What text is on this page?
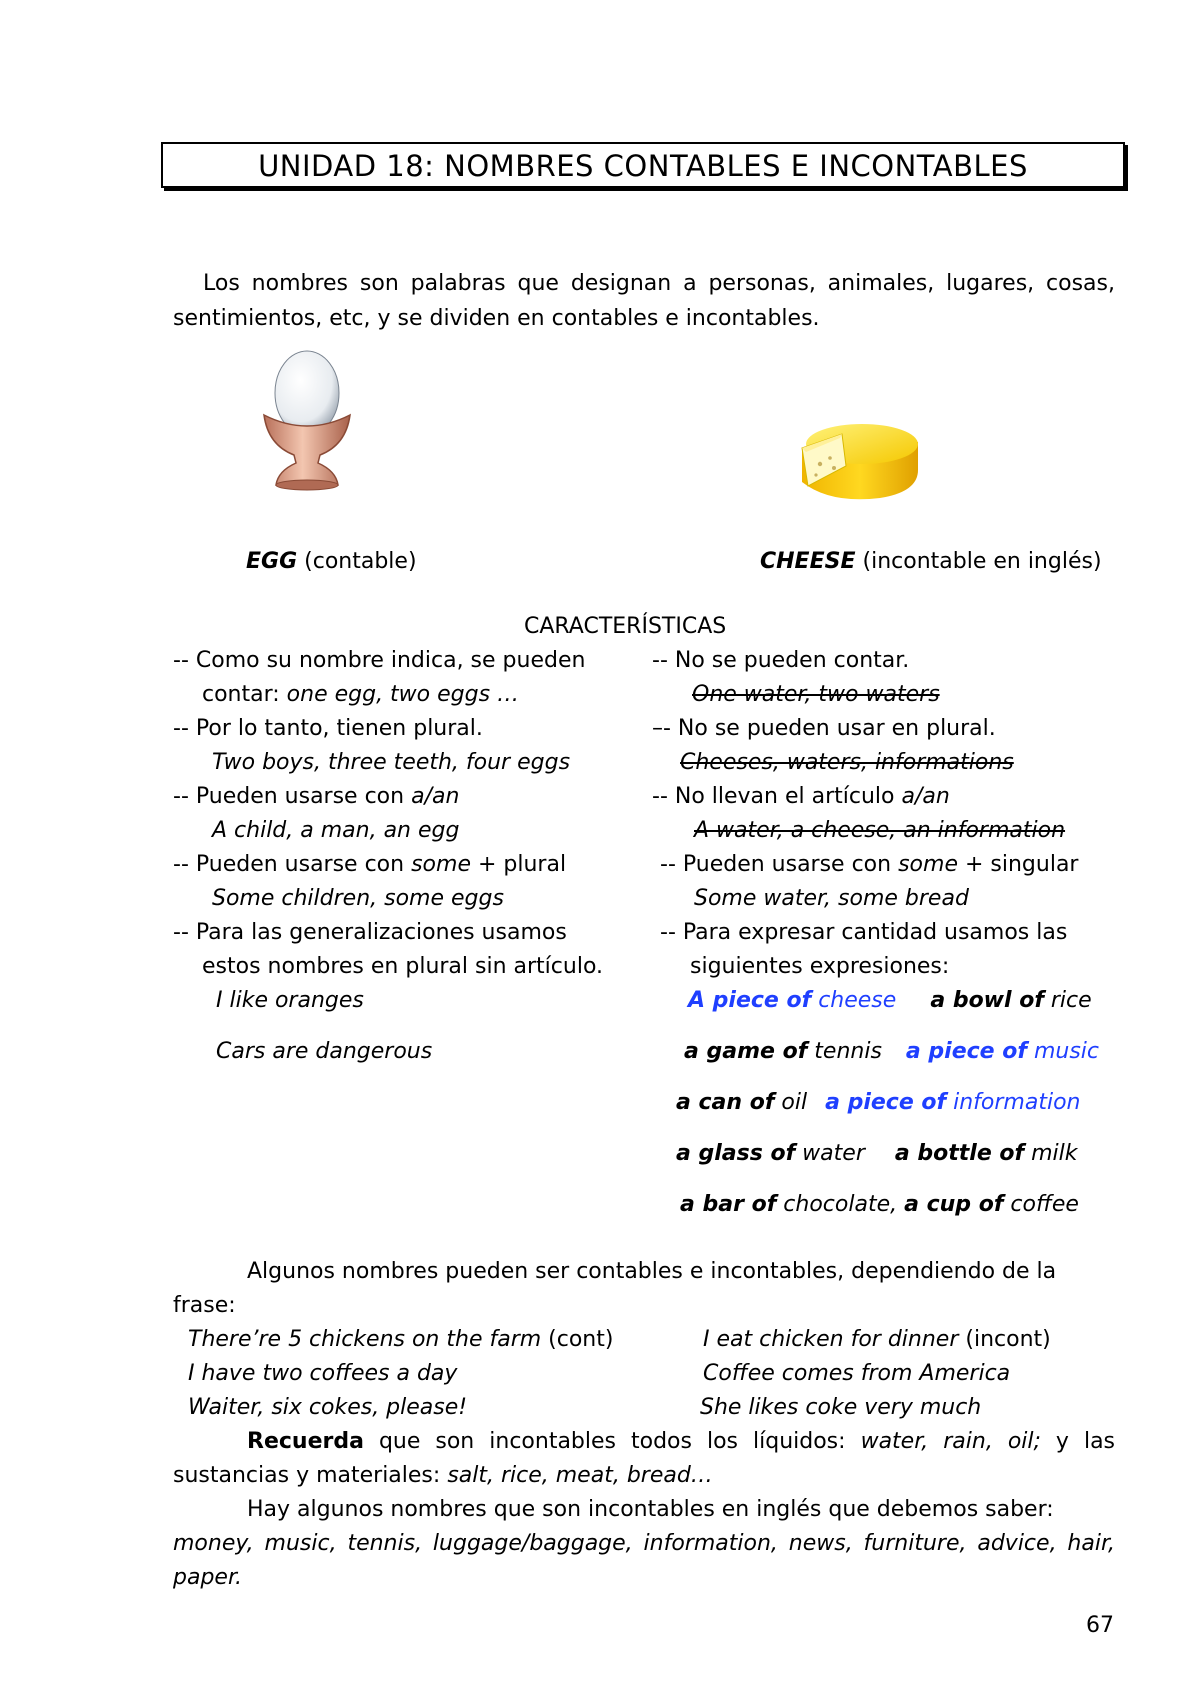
UNIDAD 18: NOMBRES CONTABLES E INCONTABLES
Los nombres son palabras que designan a personas, animales, lugares, cosas,
sentimientos, etc, y se dividen en contables e incontables.
EGG (contable)	CHEESE (incontable en inglés)
CARACTERÍSTICAS
-- Como su nombre indica, se pueden
contar: one egg, two eggs …
-- Por lo tanto, tienen plural.
Two boys, three teeth, four eggs
-- Pueden usarse con a/an
A child, a man, an egg
-- Pueden usarse con some + plural
Some children, some eggs
-- Para las generalizaciones usamos
estos nombres en plural sin artículo.
I like oranges
Cars are dangerous
-- No se pueden contar.
One water, two waters
–- No se pueden usar en plural.
Cheeses, waters, informations
-- No llevan el artículo a/an
A water, a cheese, an information
-- Pueden usarse con some + singular
Some water, some bread
-- Para expresar cantidad usamos las
siguientes expresiones:
A piece of cheese a bowl of rice
a game of tennis a piece of music
a can of oil a piece of information
a glass of water a bottle of milk
a bar of chocolate, a cup of coffee
Algunos nombres pueden ser contables e incontables, dependiendo de la
frase:
There’re 5 chickens on the farm (cont)	I eat chicken for dinner (incont)
I have two coffees a day	Coffee comes from America
Waiter, six cokes, please!	She likes coke very much
Recuerda que son incontables todos los líquidos: water, rain, oil; y las
sustancias y materiales: salt, rice, meat, bread…
Hay algunos nombres que son incontables en inglés que debemos saber:
money, music, tennis, luggage/baggage, information, news, furniture, advice, hair,
paper.
67
